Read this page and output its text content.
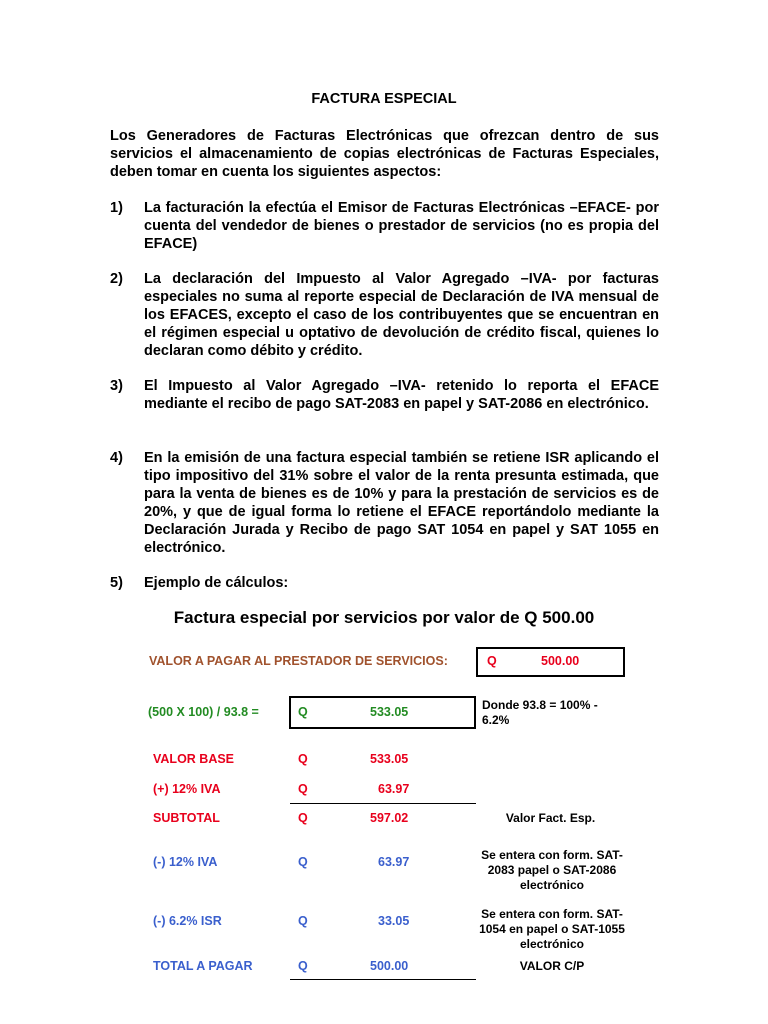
FACTURA ESPECIAL
Los Generadores de Facturas Electrónicas que ofrezcan dentro de sus servicios el almacenamiento de copias electrónicas de Facturas Especiales, deben tomar en cuenta los siguientes aspectos:
1) La facturación la efectúa el Emisor de Facturas Electrónicas –EFACE- por cuenta del vendedor de bienes o prestador de servicios (no es propia del EFACE)
2) La declaración del Impuesto al Valor Agregado –IVA- por facturas especiales no suma al reporte especial de Declaración de IVA mensual de los EFACES, excepto el caso de los contribuyentes que se encuentran en el régimen especial u optativo de devolución de crédito fiscal, quienes lo declaran como débito y crédito.
3) El Impuesto al Valor Agregado –IVA- retenido lo reporta el EFACE mediante el recibo de pago SAT-2083 en papel y SAT-2086 en electrónico.
4) En la emisión de una factura especial también se retiene ISR aplicando el tipo impositivo del 31% sobre el valor de la renta presunta estimada, que para la venta de bienes es de 10% y para la prestación de servicios es de 20%, y que de igual forma lo retiene el EFACE reportándolo mediante la Declaración Jurada y Recibo de pago SAT 1054 en papel y SAT 1055 en electrónico.
5) Ejemplo de cálculos:
Factura especial por servicios por valor de Q 500.00
VALOR A PAGAR AL PRESTADOR DE SERVICIOS:	Q	500.00
(500 X 100) / 93.8 =	Q	533.05	Donde 93.8 = 100% - 6.2%
VALOR BASE	Q	533.05
(+) 12% IVA	Q	63.97
SUBTOTAL	Q	597.02	Valor Fact. Esp.
(-) 12% IVA	Q	63.97	Se entera con form. SAT-2083 papel o SAT-2086 electrónico
(-) 6.2% ISR	Q	33.05	Se entera con form. SAT-1054 en papel o SAT-1055 electrónico
TOTAL A PAGAR	Q	500.00	VALOR C/P
